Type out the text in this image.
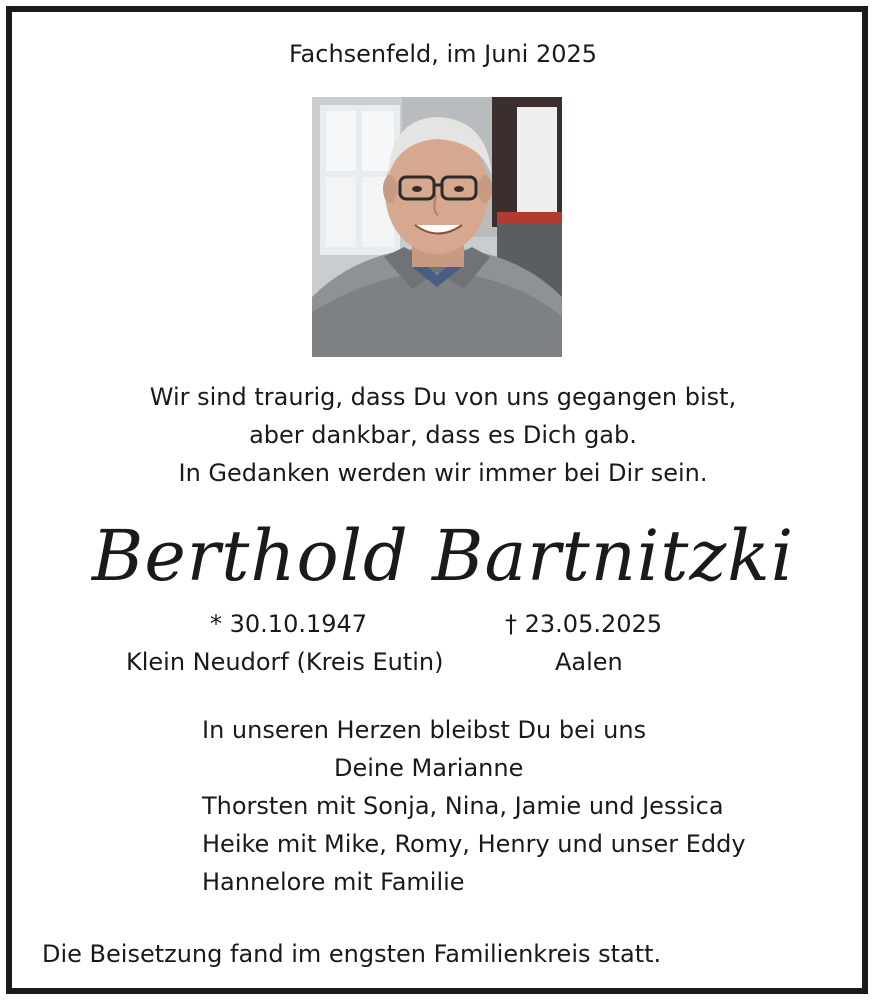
Fachsenfeld, im Juni 2025
Wir sind traurig, dass Du von uns gegangen bist,
aber dankbar, dass es Dich gab.
In Gedanken werden wir immer bei Dir sein.
Berthold Bartnitzki
* 30.10.1947	† 23.05.2025
Klein Neudorf (Kreis Eutin)	Aalen
In unseren Herzen bleibst Du bei uns
Deine Marianne
Thorsten mit Sonja, Nina, Jamie und Jessica
Heike mit Mike, Romy, Henry und unser Eddy
Hannelore mit Familie
Die Beisetzung fand im engsten Familienkreis statt.
